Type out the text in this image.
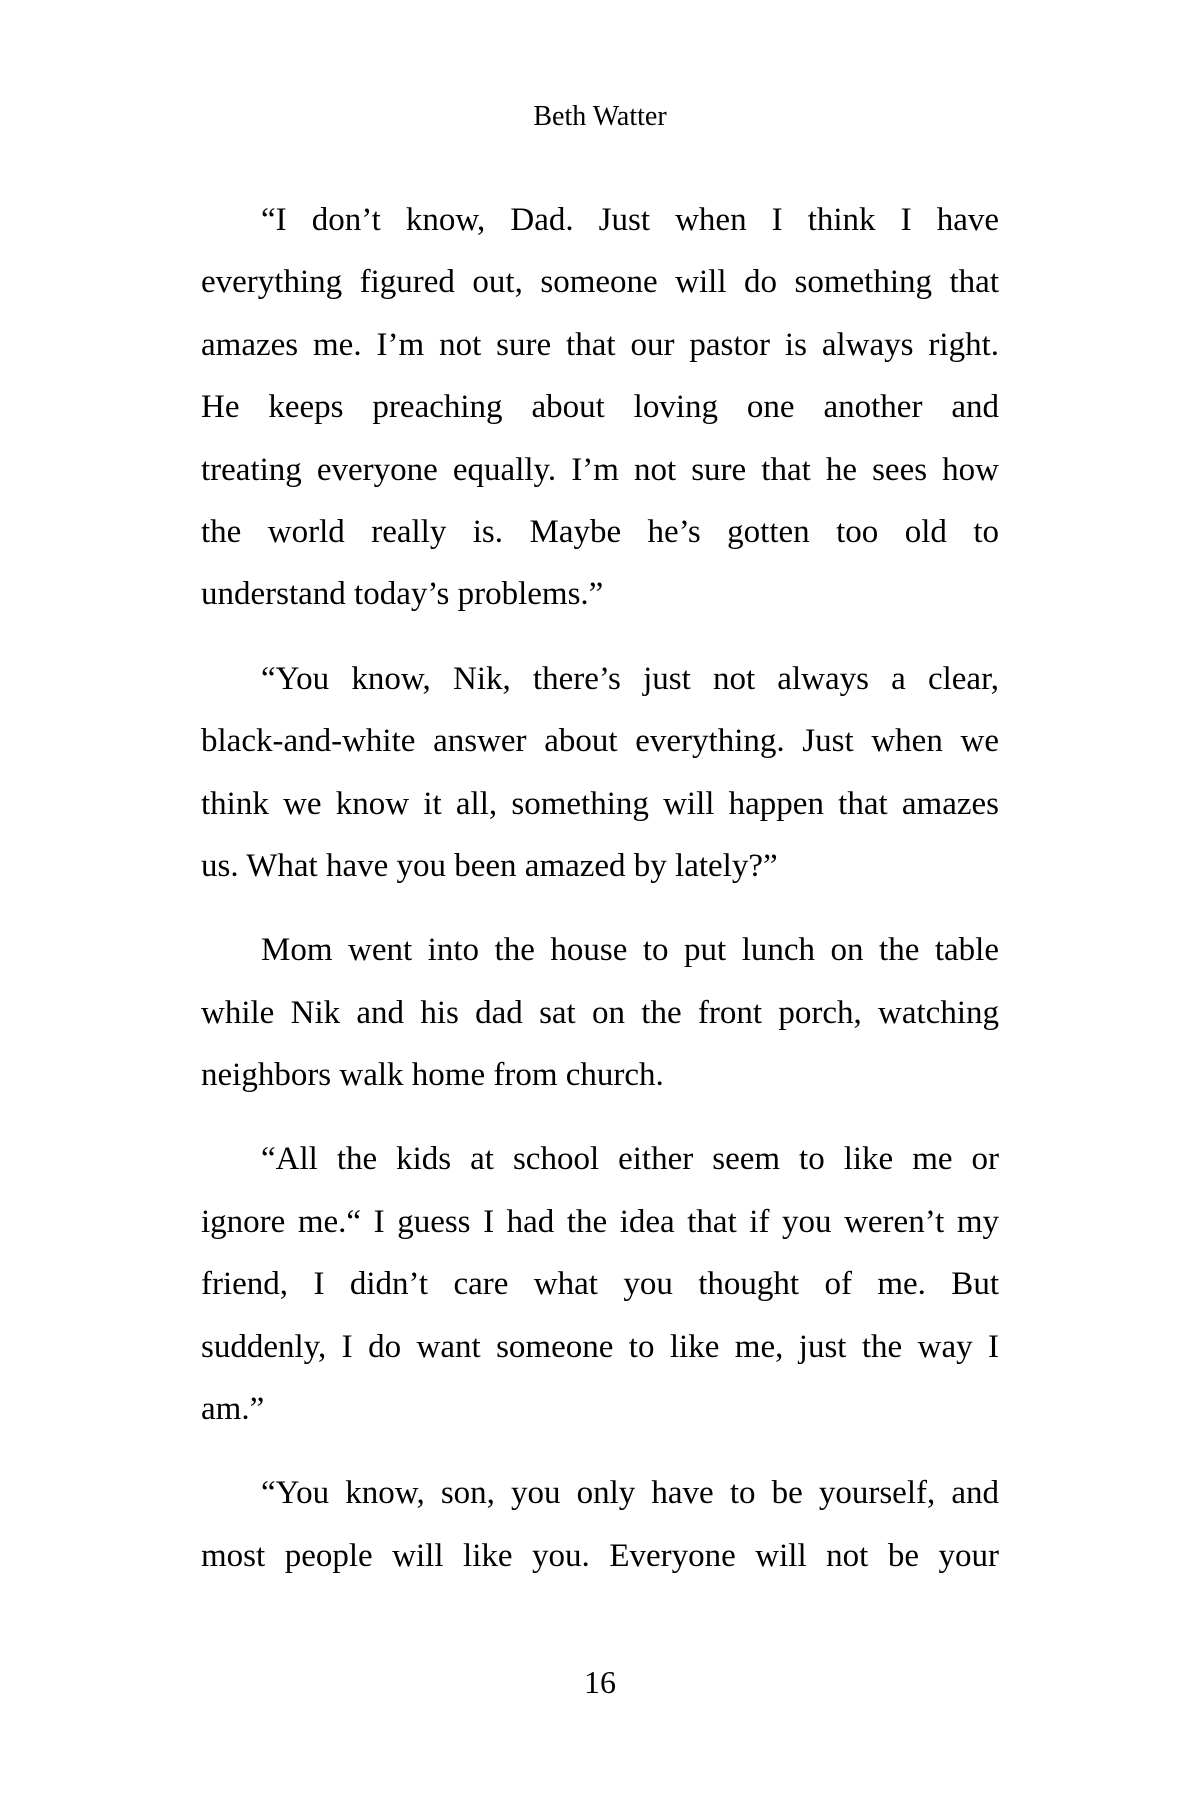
Beth Watter

“I don’t know, Dad. Just when I think I have
everything figured out, someone will do something that
amazes me. I’m not sure that our pastor is always right.
He keeps preaching about loving one another and
treating everyone equally. I’m not sure that he sees how
the world really is. Maybe he’s gotten too old to
understand today’s problems.”

“You know, Nik, there’s just not always a clear,
black-and-white answer about everything. Just when we
think we know it all, something will happen that amazes
us. What have you been amazed by lately?”

Mom went into the house to put lunch on the table
while Nik and his dad sat on the front porch, watching
neighbors walk home from church.

“All the kids at school either seem to like me or
ignore me.“ I guess I had the idea that if you weren’t my
friend, I didn’t care what you thought of me. But
suddenly, I do want someone to like me, just the way I
am.”

“You know, son, you only have to be yourself, and
most people will like you. Everyone will not be your

16
